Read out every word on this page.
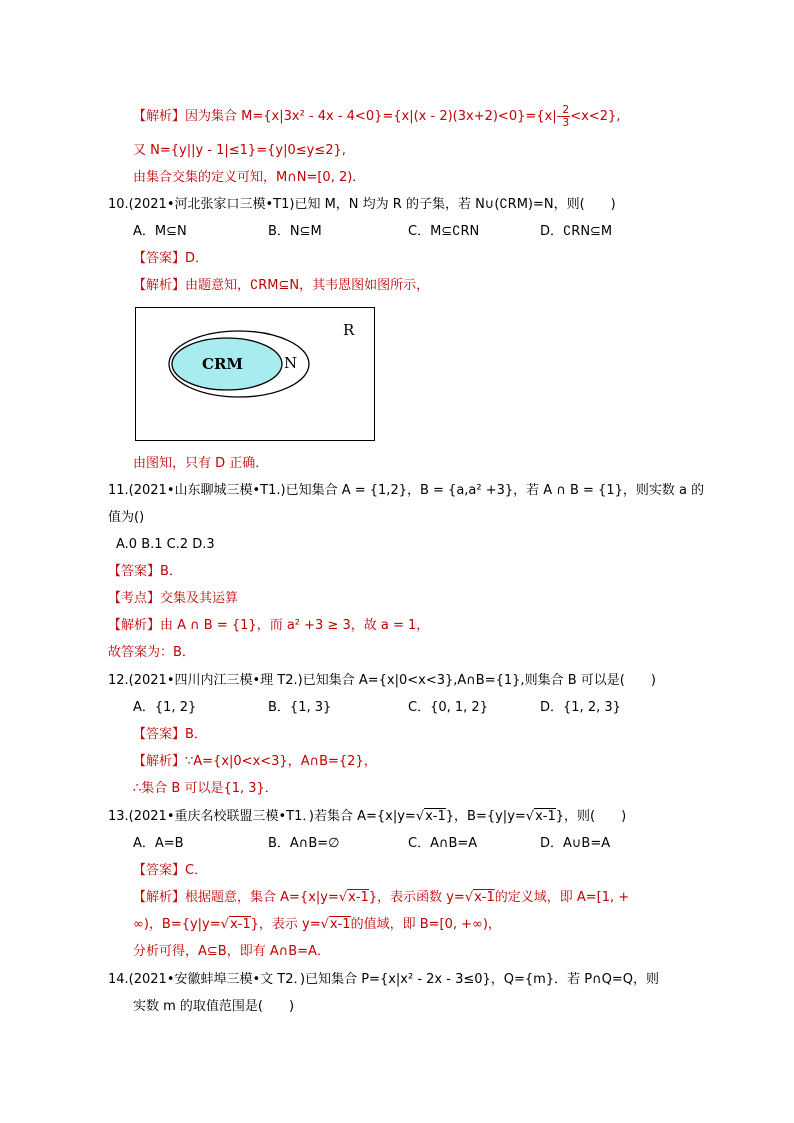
【解析】因为集合 $M=\{x|3x^2 - 4x - 4<0\}=\{x|(x - 2)(3x+2)<0\}=\{x|- \frac{2}{3} <x<2\}$,
又 N={y||y - 1|≤1}={y|0≤y≤2},
由集合交集的定义可知，M∩N=[0, 2)．
10.(2021•河北张家口三模•T1)已知 M，N 均为 R 的子集，若 N∪(∁RM)=N，则(　　)
A．M⊆N	B．N⊆M	C．M⊆∁RN	D．∁RN⊆M
【答案】D．
【解析】由题意知，∁RM⊆N，其韦恩图如图所示，
R
N
CRM
由图知，只有 D 正确．
11.(2021•山东聊城三模•T1.)已知集合 A = {1,2}，B = {a,a² +3}，若 A ∩ B = {1}，则实数 a 的
值为()
A.0 B.1 C.2 D.3
【答案】B．
【考点】交集及其运算
【解析】由 A ∩ B = {1}，而 a² +3 ≥ 3，故 a = 1，
故答案为：B．
12.(2021•四川内江三模•理 T2.)已知集合 A={x|0<x<3},A∩B={1},则集合 B 可以是(　　)
A．{1, 2}	B．{1, 3}	C．{0, 1, 2}	D．{1, 2, 3}
【答案】B．
【解析】∵A={x|0<x<3}，A∩B={2}，
∴集合 B 可以是{1, 3}．
13.(2021•重庆名校联盟三模•T1．)若集合 A={x|y=√x-1}，B={y|y=√x-1}，则(　　)
A．A=B	B．A∩B=∅	C．A∩B=A	D．A∪B=A
【答案】C．
【解析】根据题意，集合 A={x|y=√x-1}，表示函数 y=√x-1的定义域，即 A=[1, +
∞)，B={y|y=√x-1}，表示 y=√x-1的值域，即 B=[0, +∞)，
分析可得，A⊆B，即有 A∩B=A．
14.(2021•安徽蚌埠三模•文 T2．)已知集合 P={x|x² - 2x - 3≤0}，Q={m}．若 P∩Q=Q，则
实数 m 的取值范围是(　　)
